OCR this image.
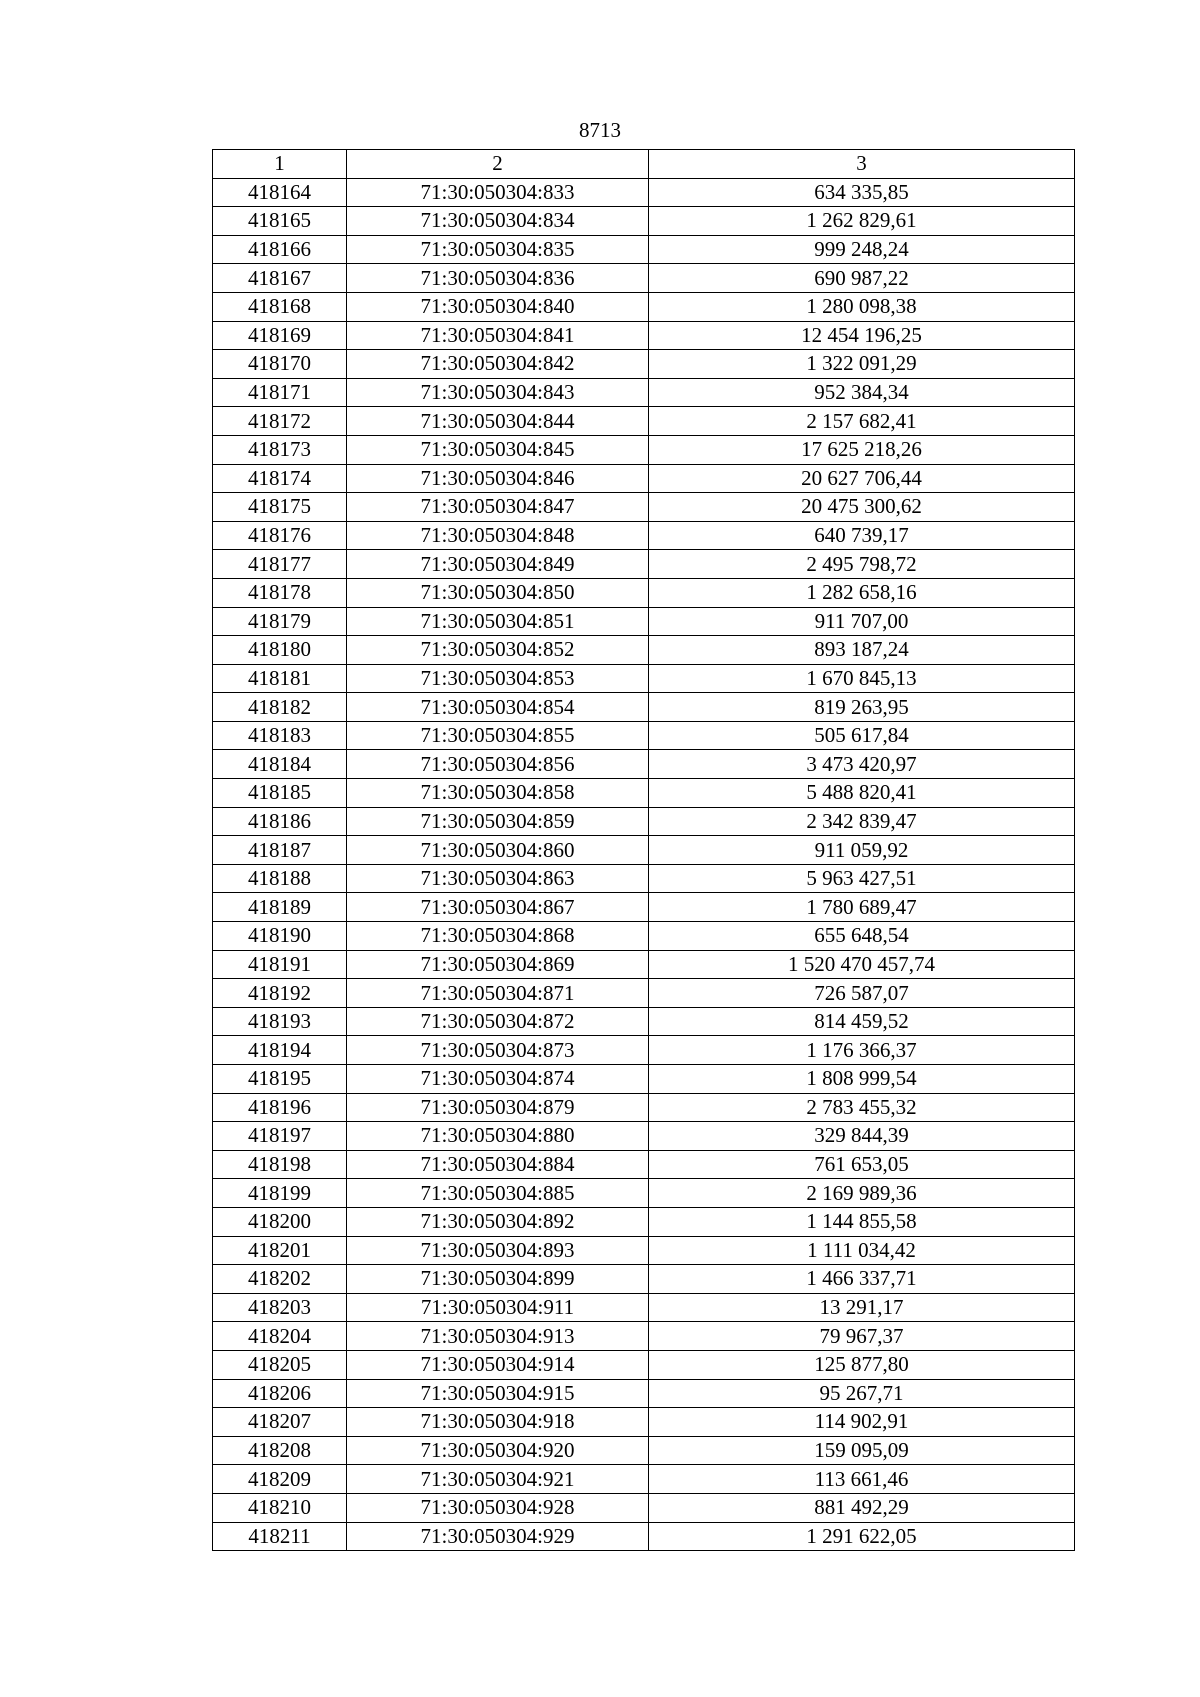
8713
1	2	3
418164	71:30:050304:833	634 335,85
418165	71:30:050304:834	1 262 829,61
418166	71:30:050304:835	999 248,24
418167	71:30:050304:836	690 987,22
418168	71:30:050304:840	1 280 098,38
418169	71:30:050304:841	12 454 196,25
418170	71:30:050304:842	1 322 091,29
418171	71:30:050304:843	952 384,34
418172	71:30:050304:844	2 157 682,41
418173	71:30:050304:845	17 625 218,26
418174	71:30:050304:846	20 627 706,44
418175	71:30:050304:847	20 475 300,62
418176	71:30:050304:848	640 739,17
418177	71:30:050304:849	2 495 798,72
418178	71:30:050304:850	1 282 658,16
418179	71:30:050304:851	911 707,00
418180	71:30:050304:852	893 187,24
418181	71:30:050304:853	1 670 845,13
418182	71:30:050304:854	819 263,95
418183	71:30:050304:855	505 617,84
418184	71:30:050304:856	3 473 420,97
418185	71:30:050304:858	5 488 820,41
418186	71:30:050304:859	2 342 839,47
418187	71:30:050304:860	911 059,92
418188	71:30:050304:863	5 963 427,51
418189	71:30:050304:867	1 780 689,47
418190	71:30:050304:868	655 648,54
418191	71:30:050304:869	1 520 470 457,74
418192	71:30:050304:871	726 587,07
418193	71:30:050304:872	814 459,52
418194	71:30:050304:873	1 176 366,37
418195	71:30:050304:874	1 808 999,54
418196	71:30:050304:879	2 783 455,32
418197	71:30:050304:880	329 844,39
418198	71:30:050304:884	761 653,05
418199	71:30:050304:885	2 169 989,36
418200	71:30:050304:892	1 144 855,58
418201	71:30:050304:893	1 111 034,42
418202	71:30:050304:899	1 466 337,71
418203	71:30:050304:911	13 291,17
418204	71:30:050304:913	79 967,37
418205	71:30:050304:914	125 877,80
418206	71:30:050304:915	95 267,71
418207	71:30:050304:918	114 902,91
418208	71:30:050304:920	159 095,09
418209	71:30:050304:921	113 661,46
418210	71:30:050304:928	881 492,29
418211	71:30:050304:929	1 291 622,05
